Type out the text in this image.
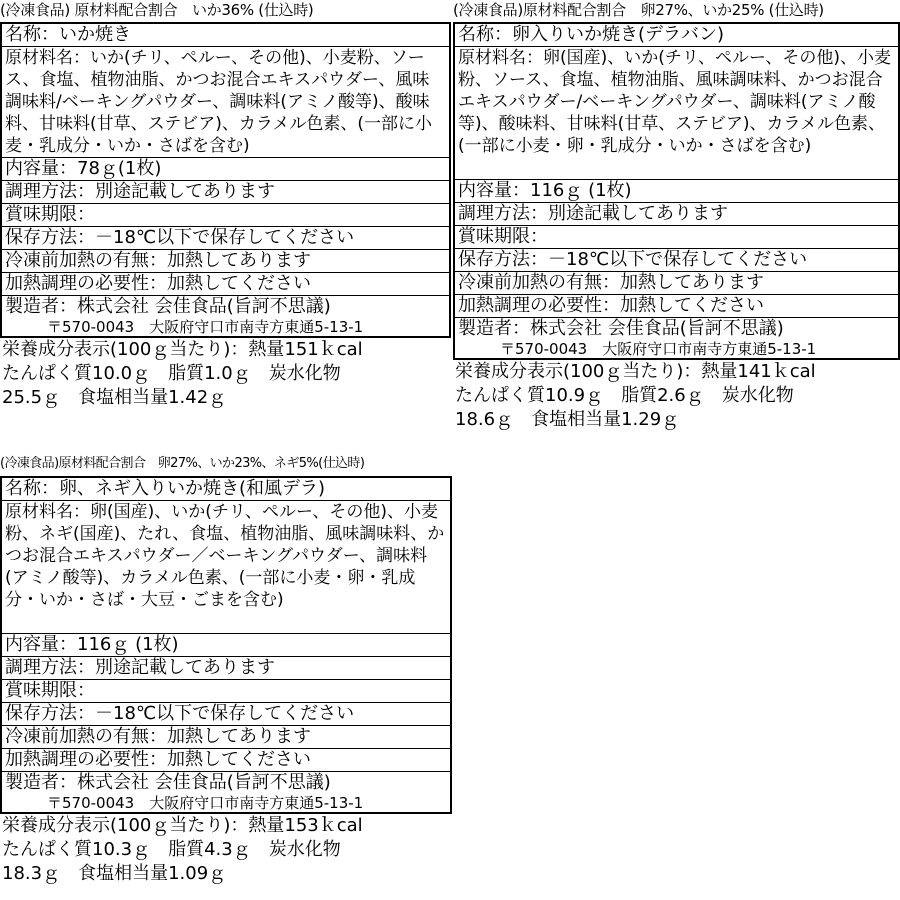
(冷凍食品) 原材料配合割合　いか36% (仕込時)
名称：いか焼き
原材料名：いか(チリ、ペルー、その他)、小麦粉、ソース、食塩、植物油脂、かつお混合エキスパウダー、風味調味料/ベーキングパウダー、調味料(アミノ酸等)、酸味料、甘味料(甘草、ステビア)、カラメル色素、(一部に小麦・乳成分・いか・さばを含む)
内容量：78ｇ(1枚)
調理方法：別途記載してあります
賞味期限：
保存方法：－18℃以下で保存してください
冷凍前加熱の有無：加熱してあります
加熱調理の必要性：加熱してください
製造者：株式会社 会佳食品(旨訶不思議)
〒570-0043　大阪府守口市南寺方東通5-13-1
栄養成分表示(100ｇ当たり)：熱量151ｋcal
たんぱく質10.0ｇ　脂質1.0ｇ　炭水化物
25.5ｇ　食塩相当量1.42ｇ
(冷凍食品)原材料配合割合　卵27%、いか25% (仕込時)
名称：卵入りいか焼き(デラバン)
原材料名：卵(国産)、いか(チリ、ペルー、その他)、小麦粉、ソース、食塩、植物油脂、風味調味料、かつお混合エキスパウダー/ベーキングパウダー、調味料(アミノ酸等)、酸味料、甘味料(甘草、ステビア)、カラメル色素、(一部に小麦・卵・乳成分・いか・さばを含む)
内容量：116ｇ (1枚)
調理方法：別途記載してあります
賞味期限：
保存方法：－18℃以下で保存してください
冷凍前加熱の有無：加熱してあります
加熱調理の必要性：加熱してください
製造者：株式会社 会佳食品(旨訶不思議)
〒570-0043　大阪府守口市南寺方東通5-13-1
栄養成分表示(100ｇ当たり)：熱量141ｋcal
たんぱく質10.9ｇ　脂質2.6ｇ　炭水化物
18.6ｇ　食塩相当量1.29ｇ
(冷凍食品)原材料配合割合　卵27%、いか23%、ネギ5%(仕込時)
名称：卵、ネギ入りいか焼き(和風デラ)
原材料名：卵(国産)、いか(チリ、ペルー、その他)、小麦粉、ネギ(国産)、たれ、食塩、植物油脂、風味調味料、かつお混合エキスパウダー／ベーキングパウダー、調味料(アミノ酸等)、カラメル色素、(一部に小麦・卵・乳成分・いか・さば・大豆・ごまを含む)
内容量：116ｇ (1枚)
調理方法：別途記載してあります
賞味期限：
保存方法：－18℃以下で保存してください
冷凍前加熱の有無：加熱してあります
加熱調理の必要性：加熱してください
製造者：株式会社 会佳食品(旨訶不思議)
〒570-0043　大阪府守口市南寺方東通5-13-1
栄養成分表示(100ｇ当たり)：熱量153ｋcal
たんぱく質10.3ｇ　脂質4.3ｇ　炭水化物
18.3ｇ　食塩相当量1.09ｇ
